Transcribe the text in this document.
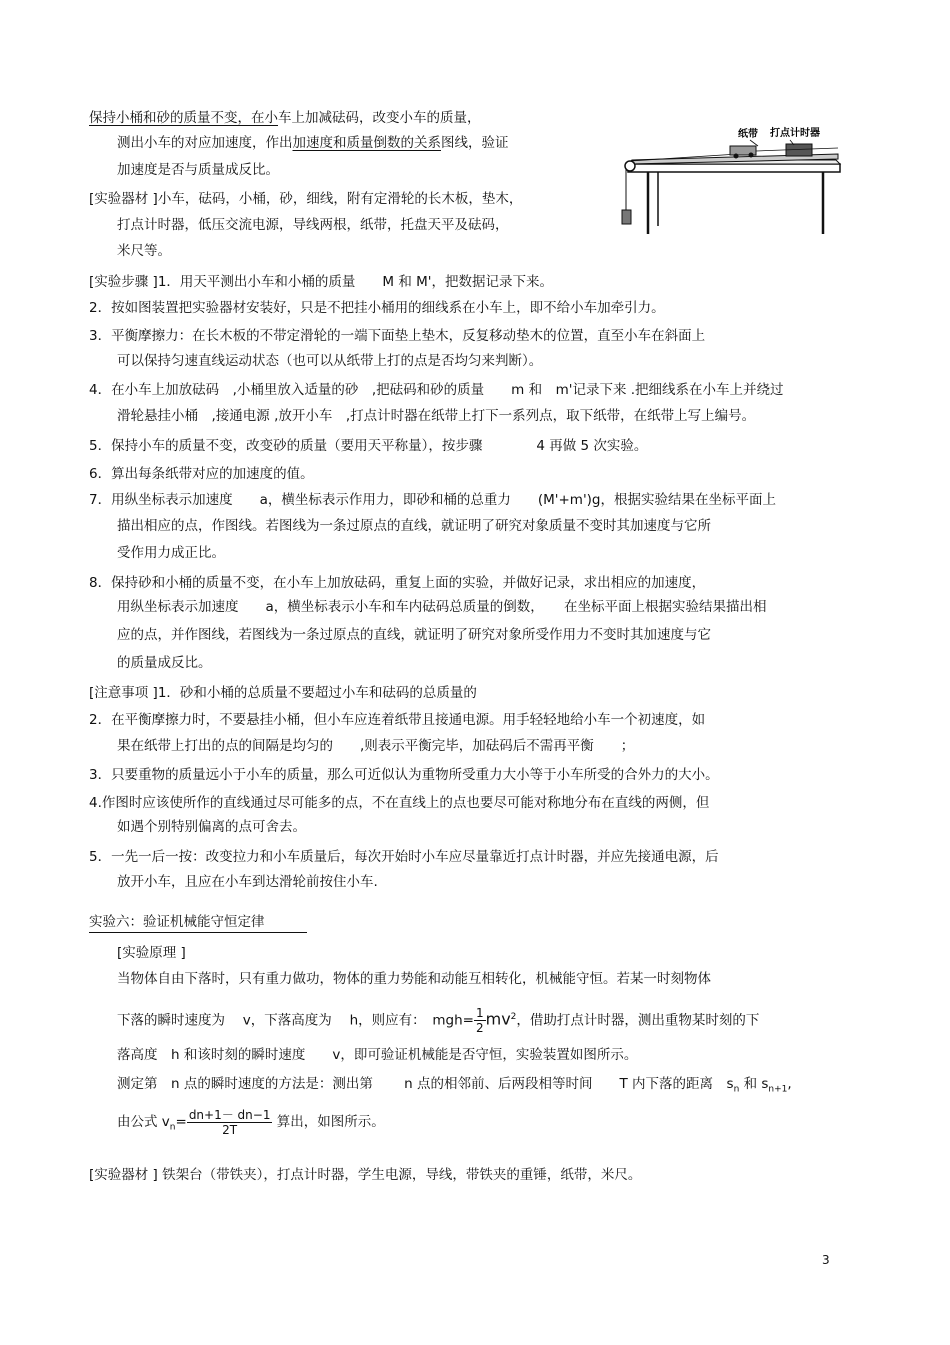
保持小桶和砂的质量不变，在小车上加减砝码，改变小车的质量，
测出小车的对应加速度，作出加速度和质量倒数的关系图线，验证
加速度是否与质量成反比。
[实验器材 ]小车，砝码，小桶，砂，细线，附有定滑轮的长木板，垫木，
打点计时器，低压交流电源，导线两根，纸带，托盘天平及砝码，
米尺等。
纸带 打点计时器
[实验步骤 ]1．用天平测出小车和小桶的质量　　M 和 M'，把数据记录下来。
2．按如图装置把实验器材安装好，只是不把挂小桶用的细线系在小车上，即不给小车加牵引力。
3．平衡摩擦力：在长木板的不带定滑轮的一端下面垫上垫木，反复移动垫木的位置，直至小车在斜面上
可以保持匀速直线运动状态（也可以从纸带上打的点是否均匀来判断）。
4．在小车上加放砝码　,小桶里放入适量的砂　,把砝码和砂的质量　　m 和　m'记录下来 .把细线系在小车上并绕过
滑轮悬挂小桶　,接通电源 ,放开小车　,打点计时器在纸带上打下一系列点，取下纸带，在纸带上写上编号。
5．保持小车的质量不变，改变砂的质量（要用天平称量），按步骤　　　　4 再做 5 次实验。
6．算出每条纸带对应的加速度的值。
7．用纵坐标表示加速度　　a，横坐标表示作用力，即砂和桶的总重力　　(M'+m')g，根据实验结果在坐标平面上
描出相应的点，作图线。若图线为一条过原点的直线，就证明了研究对象质量不变时其加速度与它所
受作用力成正比。
8．保持砂和小桶的质量不变，在小车上加放砝码，重复上面的实验，并做好记录，求出相应的加速度，
用纵坐标表示加速度　　a，横坐标表示小车和车内砝码总质量的倒数，　　在坐标平面上根据实验结果描出相
应的点，并作图线，若图线为一条过原点的直线，就证明了研究对象所受作用力不变时其加速度与它
的质量成反比。
[注意事项 ]1．砂和小桶的总质量不要超过小车和砝码的总质量的
2．在平衡摩擦力时，不要悬挂小桶，但小车应连着纸带且接通电源。用手轻轻地给小车一个初速度，如
果在纸带上打出的点的间隔是均匀的　　,则表示平衡完毕，加砝码后不需再平衡　　；
3．只要重物的质量远小于小车的质量，那么可近似认为重物所受重力大小等于小车所受的合外力的大小。
4.作图时应该使所作的直线通过尽可能多的点，不在直线上的点也要尽可能对称地分布在直线的两侧，但
如遇个别特别偏离的点可舍去。
5．一先一后一按：改变拉力和小车质量后，每次开始时小车应尽量靠近打点计时器，并应先接通电源，后
放开小车，且应在小车到达滑轮前按住小车.
实验六：验证机械能守恒定律
[实验原理 ]
当物体自由下落时，只有重力做功，物体的重力势能和动能互相转化，机械能守恒。若某一时刻物体
下落的瞬时速度为　 v，下落高度为　 h，则应有：　$mgh= \frac{1}{2} mv^2$，借助打点计时器，测出重物某时刻的下
落高度　h 和该时刻的瞬时速度　　v，即可验证机械能是否守恒，实验装置如图所示。
测定第　n 点的瞬时速度的方法是：测出第　　 n 点的相邻前、后两段相等时间　　T 内下落的距离　$s_n$ 和 $s_{n+1}$,
由公式 $v_n= \frac{dn+1- dn-1}{2T}$ 算出，如图所示。
[实验器材 ] 铁架台（带铁夹），打点计时器，学生电源，导线，带铁夹的重锤，纸带，米尺。
3
